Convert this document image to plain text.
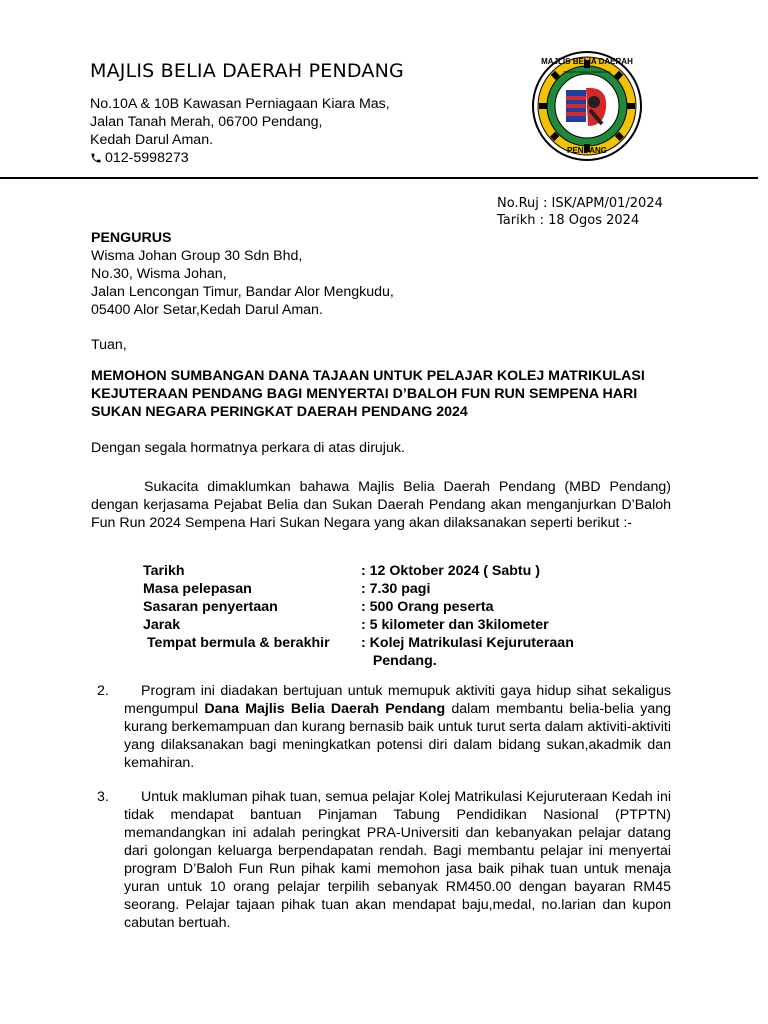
MAJLIS BELIA DAERAH PENDANG
No.10A & 10B Kawasan Perniagaan Kiara Mas,
Jalan Tanah Merah, 06700 Pendang,
Kedah Darul Aman.
012-5998273
MAJLIS BELIA DAERAH
PENDANG
BERSATU TENAGA PEMBANGUN
No.Ruj : ISK/APM/01/2024
Tarikh : 18 Ogos 2024
PENGURUS
Wisma Johan Group 30 Sdn Bhd,
No.30, Wisma Johan,
Jalan Lencongan Timur, Bandar Alor Mengkudu,
05400 Alor Setar,Kedah Darul Aman.
Tuan,
MEMOHON SUMBANGAN DANA TAJAAN UNTUK PELAJAR KOLEJ MATRIKULASI KEJUTERAAN PENDANG BAGI MENYERTAI D’BALOH FUN RUN SEMPENA HARI SUKAN NEGARA PERINGKAT DAERAH PENDANG 2024
Dengan segala hormatnya perkara di atas dirujuk.
Sukacita dimaklumkan bahawa Majlis Belia Daerah Pendang (MBD Pendang) dengan kerjasama Pejabat Belia dan Sukan Daerah Pendang akan menganjurkan D’Baloh Fun Run 2024 Sempena Hari Sukan Negara yang akan dilaksanakan seperti berikut :-
Tarikh	: 12 Oktober 2024 ( Sabtu )
Masa pelepasan	: 7.30 pagi
Sasaran penyertaan	: 500 Orang peserta
Jarak	: 5 kilometer dan 3kilometer
Tempat bermula & berakhir	: Kolej Matrikulasi Kejuruteraan
Pendang.
2.	Program ini diadakan bertujuan untuk memupuk aktiviti gaya hidup sihat sekaligus mengumpul Dana Majlis Belia Daerah Pendang dalam membantu belia-belia yang kurang berkemampuan dan kurang bernasib baik untuk turut serta dalam aktiviti-aktiviti yang dilaksanakan bagi meningkatkan potensi diri dalam bidang sukan,akadmik dan kemahiran.
3.	Untuk makluman pihak tuan, semua pelajar Kolej Matrikulasi Kejuruteraan Kedah ini tidak mendapat bantuan Pinjaman Tabung Pendidikan Nasional (PTPTN) memandangkan ini adalah peringkat PRA-Universiti dan kebanyakan pelajar datang dari golongan keluarga berpendapatan rendah. Bagi membantu pelajar ini menyertai program D’Baloh Fun Run pihak kami memohon jasa baik pihak tuan untuk menaja yuran untuk 10 orang pelajar terpilih sebanyak RM450.00 dengan bayaran RM45 seorang. Pelajar tajaan pihak tuan akan mendapat baju,medal, no.larian dan kupon cabutan bertuah.
